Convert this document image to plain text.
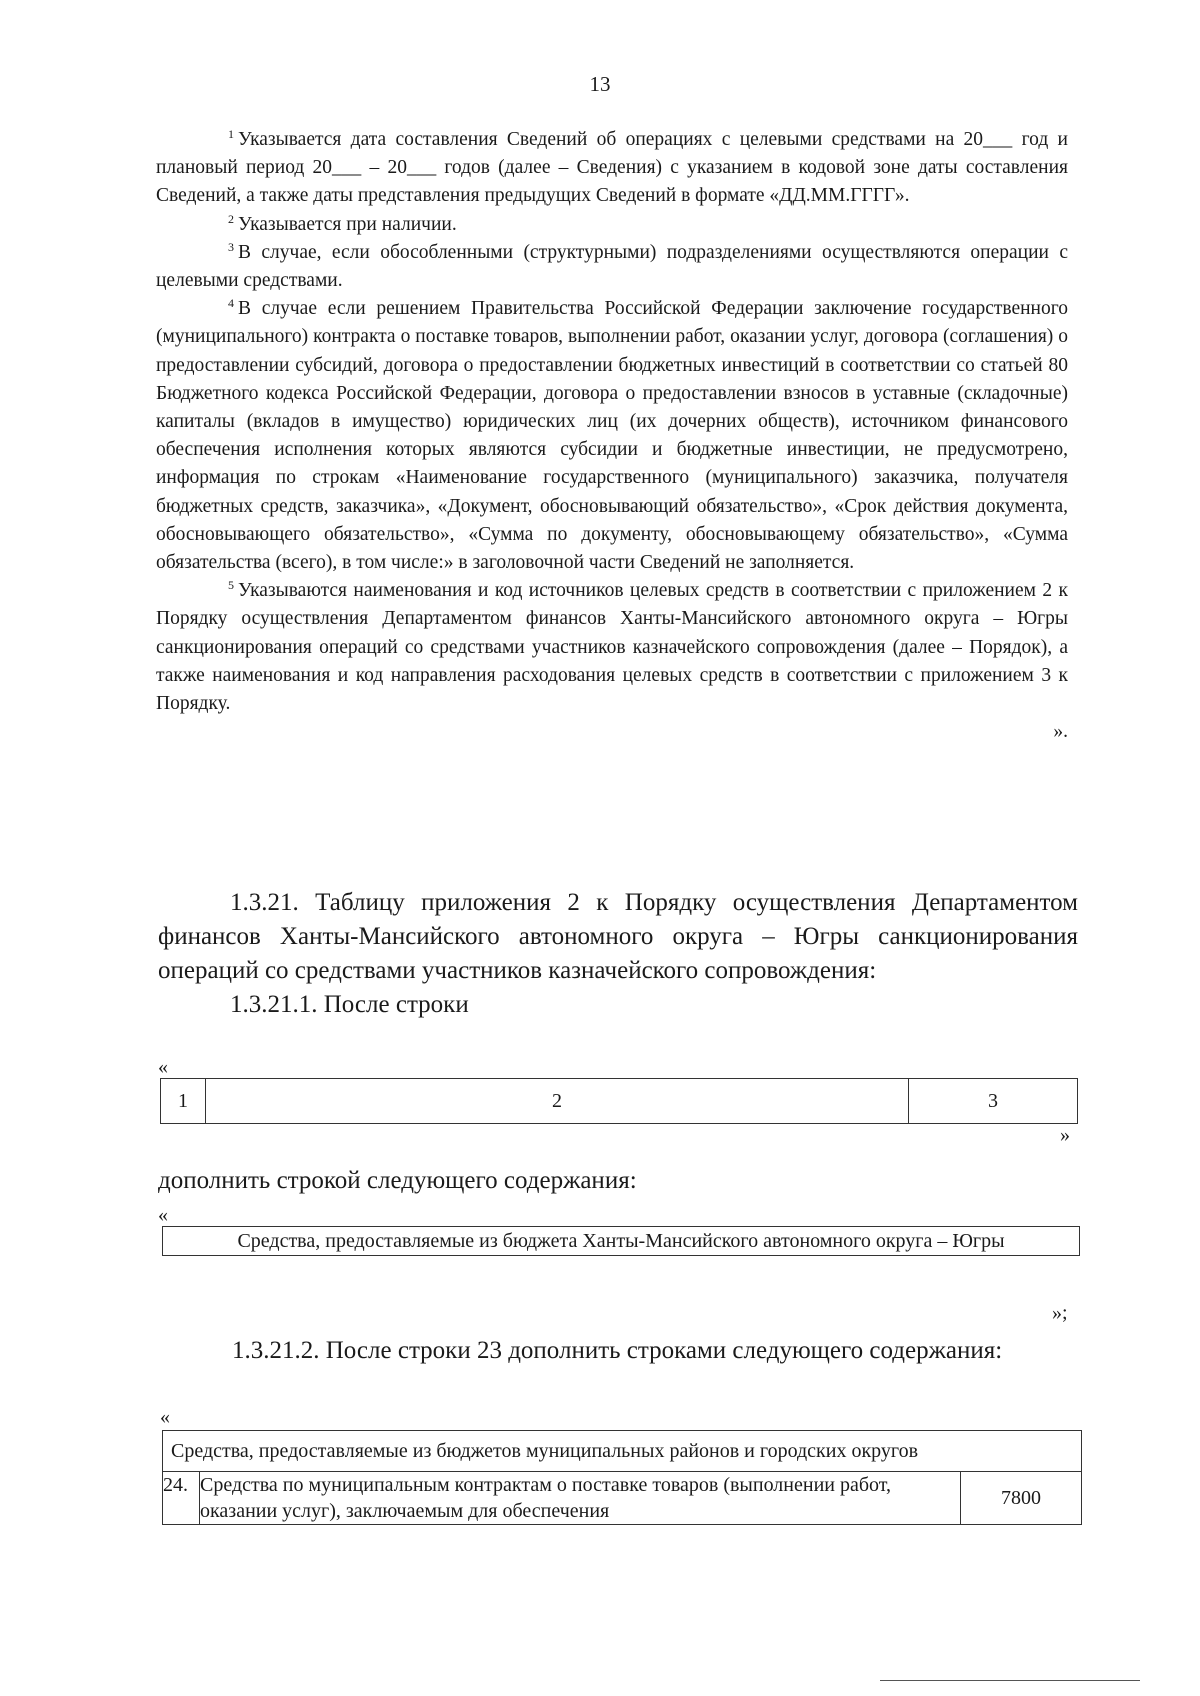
13

$^1$ Указывается дата составления Сведений об операциях с целевыми средствами на 20___ год и плановый период 20___ – 20___ годов (далее – Сведения) с указанием в кодовой зоне даты составления Сведений, а также даты представления предыдущих Сведений в формате «ДД.ММ.ГГГГ».

$^2$ Указывается при наличии.

$^3$ В случае, если обособленными (структурными) подразделениями осуществляются операции с целевыми средствами.

$^4$ В случае если решением Правительства Российской Федерации заключение государственного (муниципального) контракта о поставке товаров, выполнении работ, оказании услуг, договора (соглашения) о предоставлении субсидий, договора о предоставлении бюджетных инвестиций в соответствии со статьей 80 Бюджетного кодекса Российской Федерации, договора о предоставлении взносов в уставные (складочные) капиталы (вкладов в имущество) юридических лиц (их дочерних обществ), источником финансового обеспечения исполнения которых являются субсидии и бюджетные инвестиции, не предусмотрено, информация по строкам «Наименование государственного (муниципального) заказчика, получателя бюджетных средств, заказчика», «Документ, обосновывающий обязательство», «Срок действия документа, обосновывающего обязательство», «Сумма по документу, обосновывающему обязательство», «Сумма обязательства (всего), в том числе:» в заголовочной части Сведений не заполняется.

$^5$ Указываются наименования и код источников целевых средств в соответствии с приложением 2 к Порядку осуществления Департаментом финансов Ханты-Мансийского автономного округа – Югры санкционирования операций со средствами участников казначейского сопровождения (далее – Порядок), а также наименования и код направления расходования целевых средств в соответствии с приложением 3 к Порядку.

».

1.3.21. Таблицу приложения 2 к Порядку осуществления Департаментом финансов Ханты-Мансийского автономного округа – Югры санкционирования операций со средствами участников казначейского сопровождения:

1.3.21.1. После строки

«
1	2	3
»

дополнить строкой следующего содержания:

«
Средства, предоставляемые из бюджета Ханты-Мансийского автономного округа – Югры
»;

1.3.21.2. После строки 23 дополнить строками следующего содержания:

«
Средства, предоставляемые из бюджетов муниципальных районов и городских округов
24.	Средства по муниципальным контрактам о поставке товаров (выполнении работ, оказании услуг), заключаемым для обеспечения	7800
